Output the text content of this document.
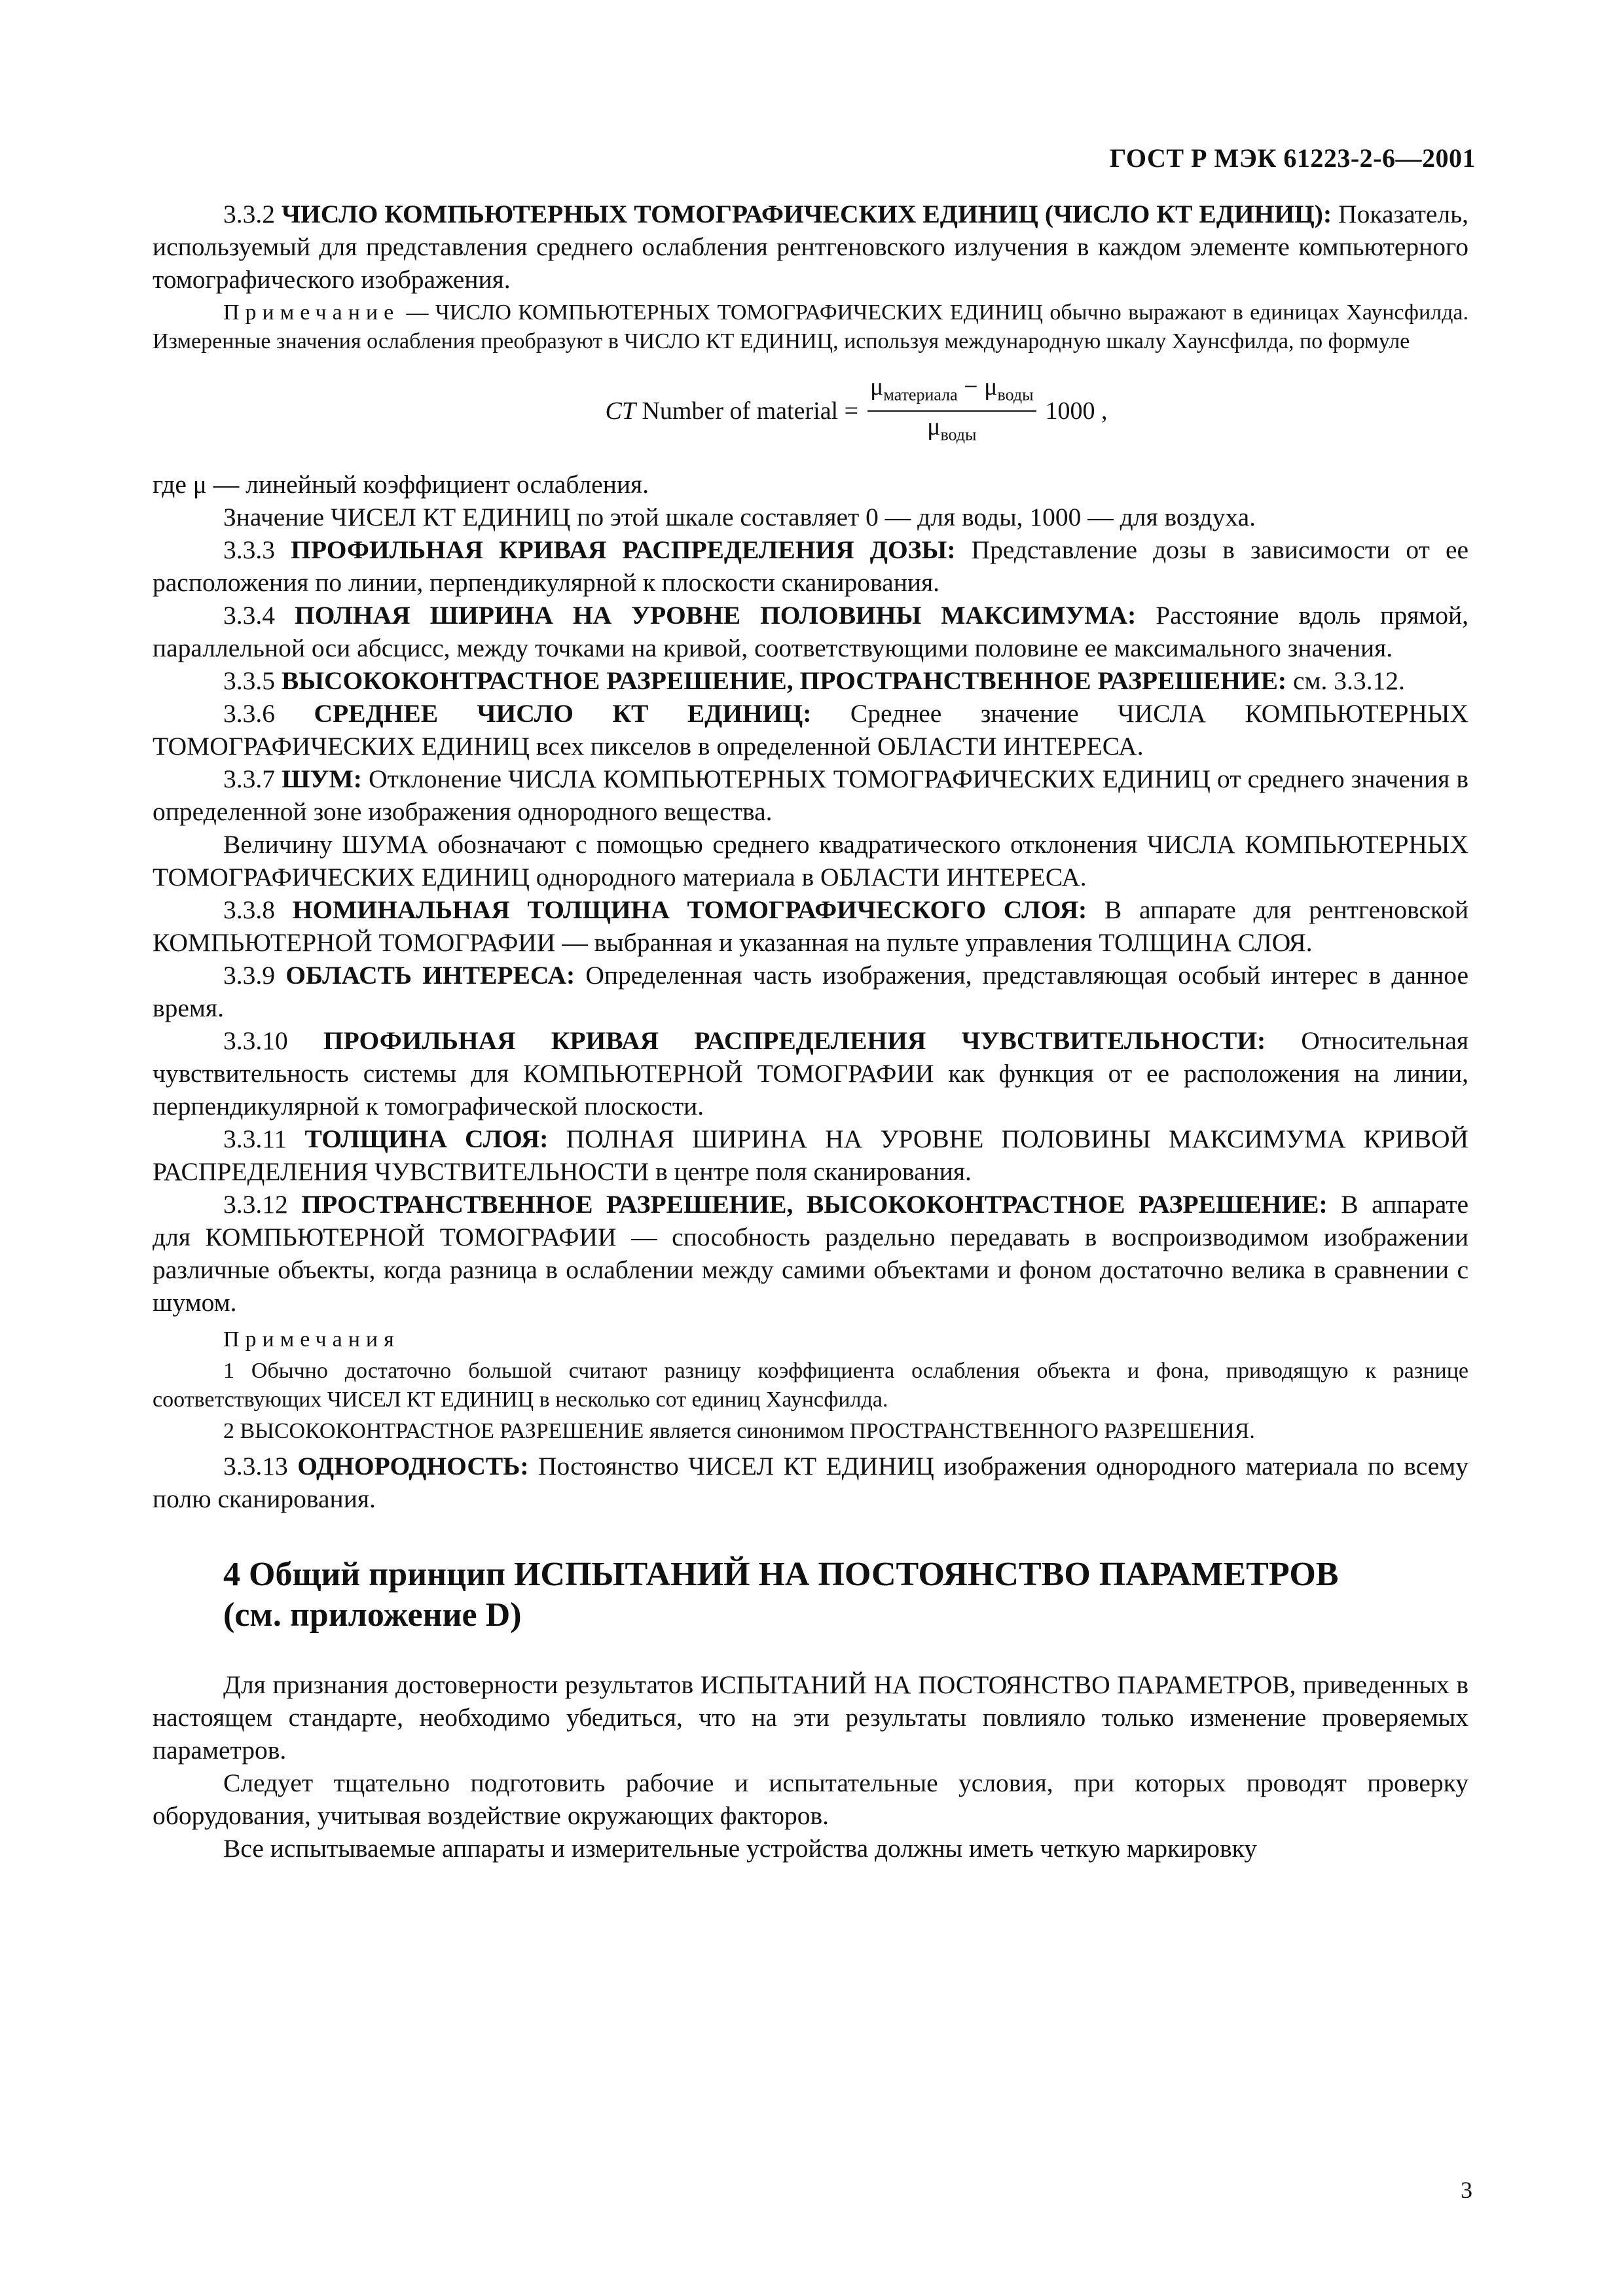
ГОСТ Р МЭК 61223-2-6—2001

3.3.2 ЧИСЛО КОМПЬЮТЕРНЫХ ТОМОГРАФИЧЕСКИХ ЕДИНИЦ (ЧИСЛО КТ ЕДИНИЦ): Показатель, используемый для представления среднего ослабления рентгеновского излучения в каждом элементе компьютерного томографического изображения.

Примечание — ЧИСЛО КОМПЬЮТЕРНЫХ ТОМОГРАФИЧЕСКИХ ЕДИНИЦ обычно выражают в единицах Хаунсфилда. Измеренные значения ослабления преобразуют в ЧИСЛО КТ ЕДИНИЦ, используя международную шкалу Хаунсфилда, по формуле

CT Number of material = $\frac{\mu_{материала} - \mu_{воды}}{\mu_{воды}} 1000$ ,

где μ — линейный коэффициент ослабления.

Значение ЧИСЕЛ КТ ЕДИНИЦ по этой шкале составляет 0 — для воды, 1000 — для воздуха.

3.3.3 ПРОФИЛЬНАЯ КРИВАЯ РАСПРЕДЕЛЕНИЯ ДОЗЫ: Представление дозы в зависимости от ее расположения по линии, перпендикулярной к плоскости сканирования.

3.3.4 ПОЛНАЯ ШИРИНА НА УРОВНЕ ПОЛОВИНЫ МАКСИМУМА: Расстояние вдоль прямой, параллельной оси абсцисс, между точками на кривой, соответствующими половине ее максимального значения.

3.3.5 ВЫСОКОКОНТРАСТНОЕ РАЗРЕШЕНИЕ, ПРОСТРАНСТВЕННОЕ РАЗРЕШЕНИЕ: см. 3.3.12.

3.3.6 СРЕДНЕЕ ЧИСЛО КТ ЕДИНИЦ: Среднее значение ЧИСЛА КОМПЬЮТЕРНЫХ ТОМОГРАФИЧЕСКИХ ЕДИНИЦ всех пикселов в определенной ОБЛАСТИ ИНТЕРЕСА.

3.3.7 ШУМ: Отклонение ЧИСЛА КОМПЬЮТЕРНЫХ ТОМОГРАФИЧЕСКИХ ЕДИНИЦ от среднего значения в определенной зоне изображения однородного вещества.

Величину ШУМА обозначают с помощью среднего квадратического отклонения ЧИСЛА КОМПЬЮТЕРНЫХ ТОМОГРАФИЧЕСКИХ ЕДИНИЦ однородного материала в ОБЛАСТИ ИНТЕРЕСА.

3.3.8 НОМИНАЛЬНАЯ ТОЛЩИНА ТОМОГРАФИЧЕСКОГО СЛОЯ: В аппарате для рентгеновской КОМПЬЮТЕРНОЙ ТОМОГРАФИИ — выбранная и указанная на пульте управления ТОЛЩИНА СЛОЯ.

3.3.9 ОБЛАСТЬ ИНТЕРЕСА: Определенная часть изображения, представляющая особый интерес в данное время.

3.3.10 ПРОФИЛЬНАЯ КРИВАЯ РАСПРЕДЕЛЕНИЯ ЧУВСТВИТЕЛЬНОСТИ: Относительная чувствительность системы для КОМПЬЮТЕРНОЙ ТОМОГРАФИИ как функция от ее расположения на линии, перпендикулярной к томографической плоскости.

3.3.11 ТОЛЩИНА СЛОЯ: ПОЛНАЯ ШИРИНА НА УРОВНЕ ПОЛОВИНЫ МАКСИМУМА КРИВОЙ РАСПРЕДЕЛЕНИЯ ЧУВСТВИТЕЛЬНОСТИ в центре поля сканирования.

3.3.12 ПРОСТРАНСТВЕННОЕ РАЗРЕШЕНИЕ, ВЫСОКОКОНТРАСТНОЕ РАЗРЕШЕНИЕ: В аппарате для КОМПЬЮТЕРНОЙ ТОМОГРАФИИ — способность раздельно передавать в воспроизводимом изображении различные объекты, когда разница в ослаблении между самими объектами и фоном достаточно велика в сравнении с шумом.

Примечания

1 Обычно достаточно большой считают разницу коэффициента ослабления объекта и фона, приводящую к разнице соответствующих ЧИСЕЛ КТ ЕДИНИЦ в несколько сот единиц Хаунсфилда.

2 ВЫСОКОКОНТРАСТНОЕ РАЗРЕШЕНИЕ является синонимом ПРОСТРАНСТВЕННОГО РАЗРЕШЕНИЯ.

3.3.13 ОДНОРОДНОСТЬ: Постоянство ЧИСЕЛ КТ ЕДИНИЦ изображения однородного материала по всему полю сканирования.

4 Общий принцип ИСПЫТАНИЙ НА ПОСТОЯНСТВО ПАРАМЕТРОВ
(см. приложение D)

Для признания достоверности результатов ИСПЫТАНИЙ НА ПОСТОЯНСТВО ПАРАМЕТРОВ, приведенных в настоящем стандарте, необходимо убедиться, что на эти результаты повлияло только изменение проверяемых параметров.

Следует тщательно подготовить рабочие и испытательные условия, при которых проводят проверку оборудования, учитывая воздействие окружающих факторов.

Все испытываемые аппараты и измерительные устройства должны иметь четкую маркировку

3
